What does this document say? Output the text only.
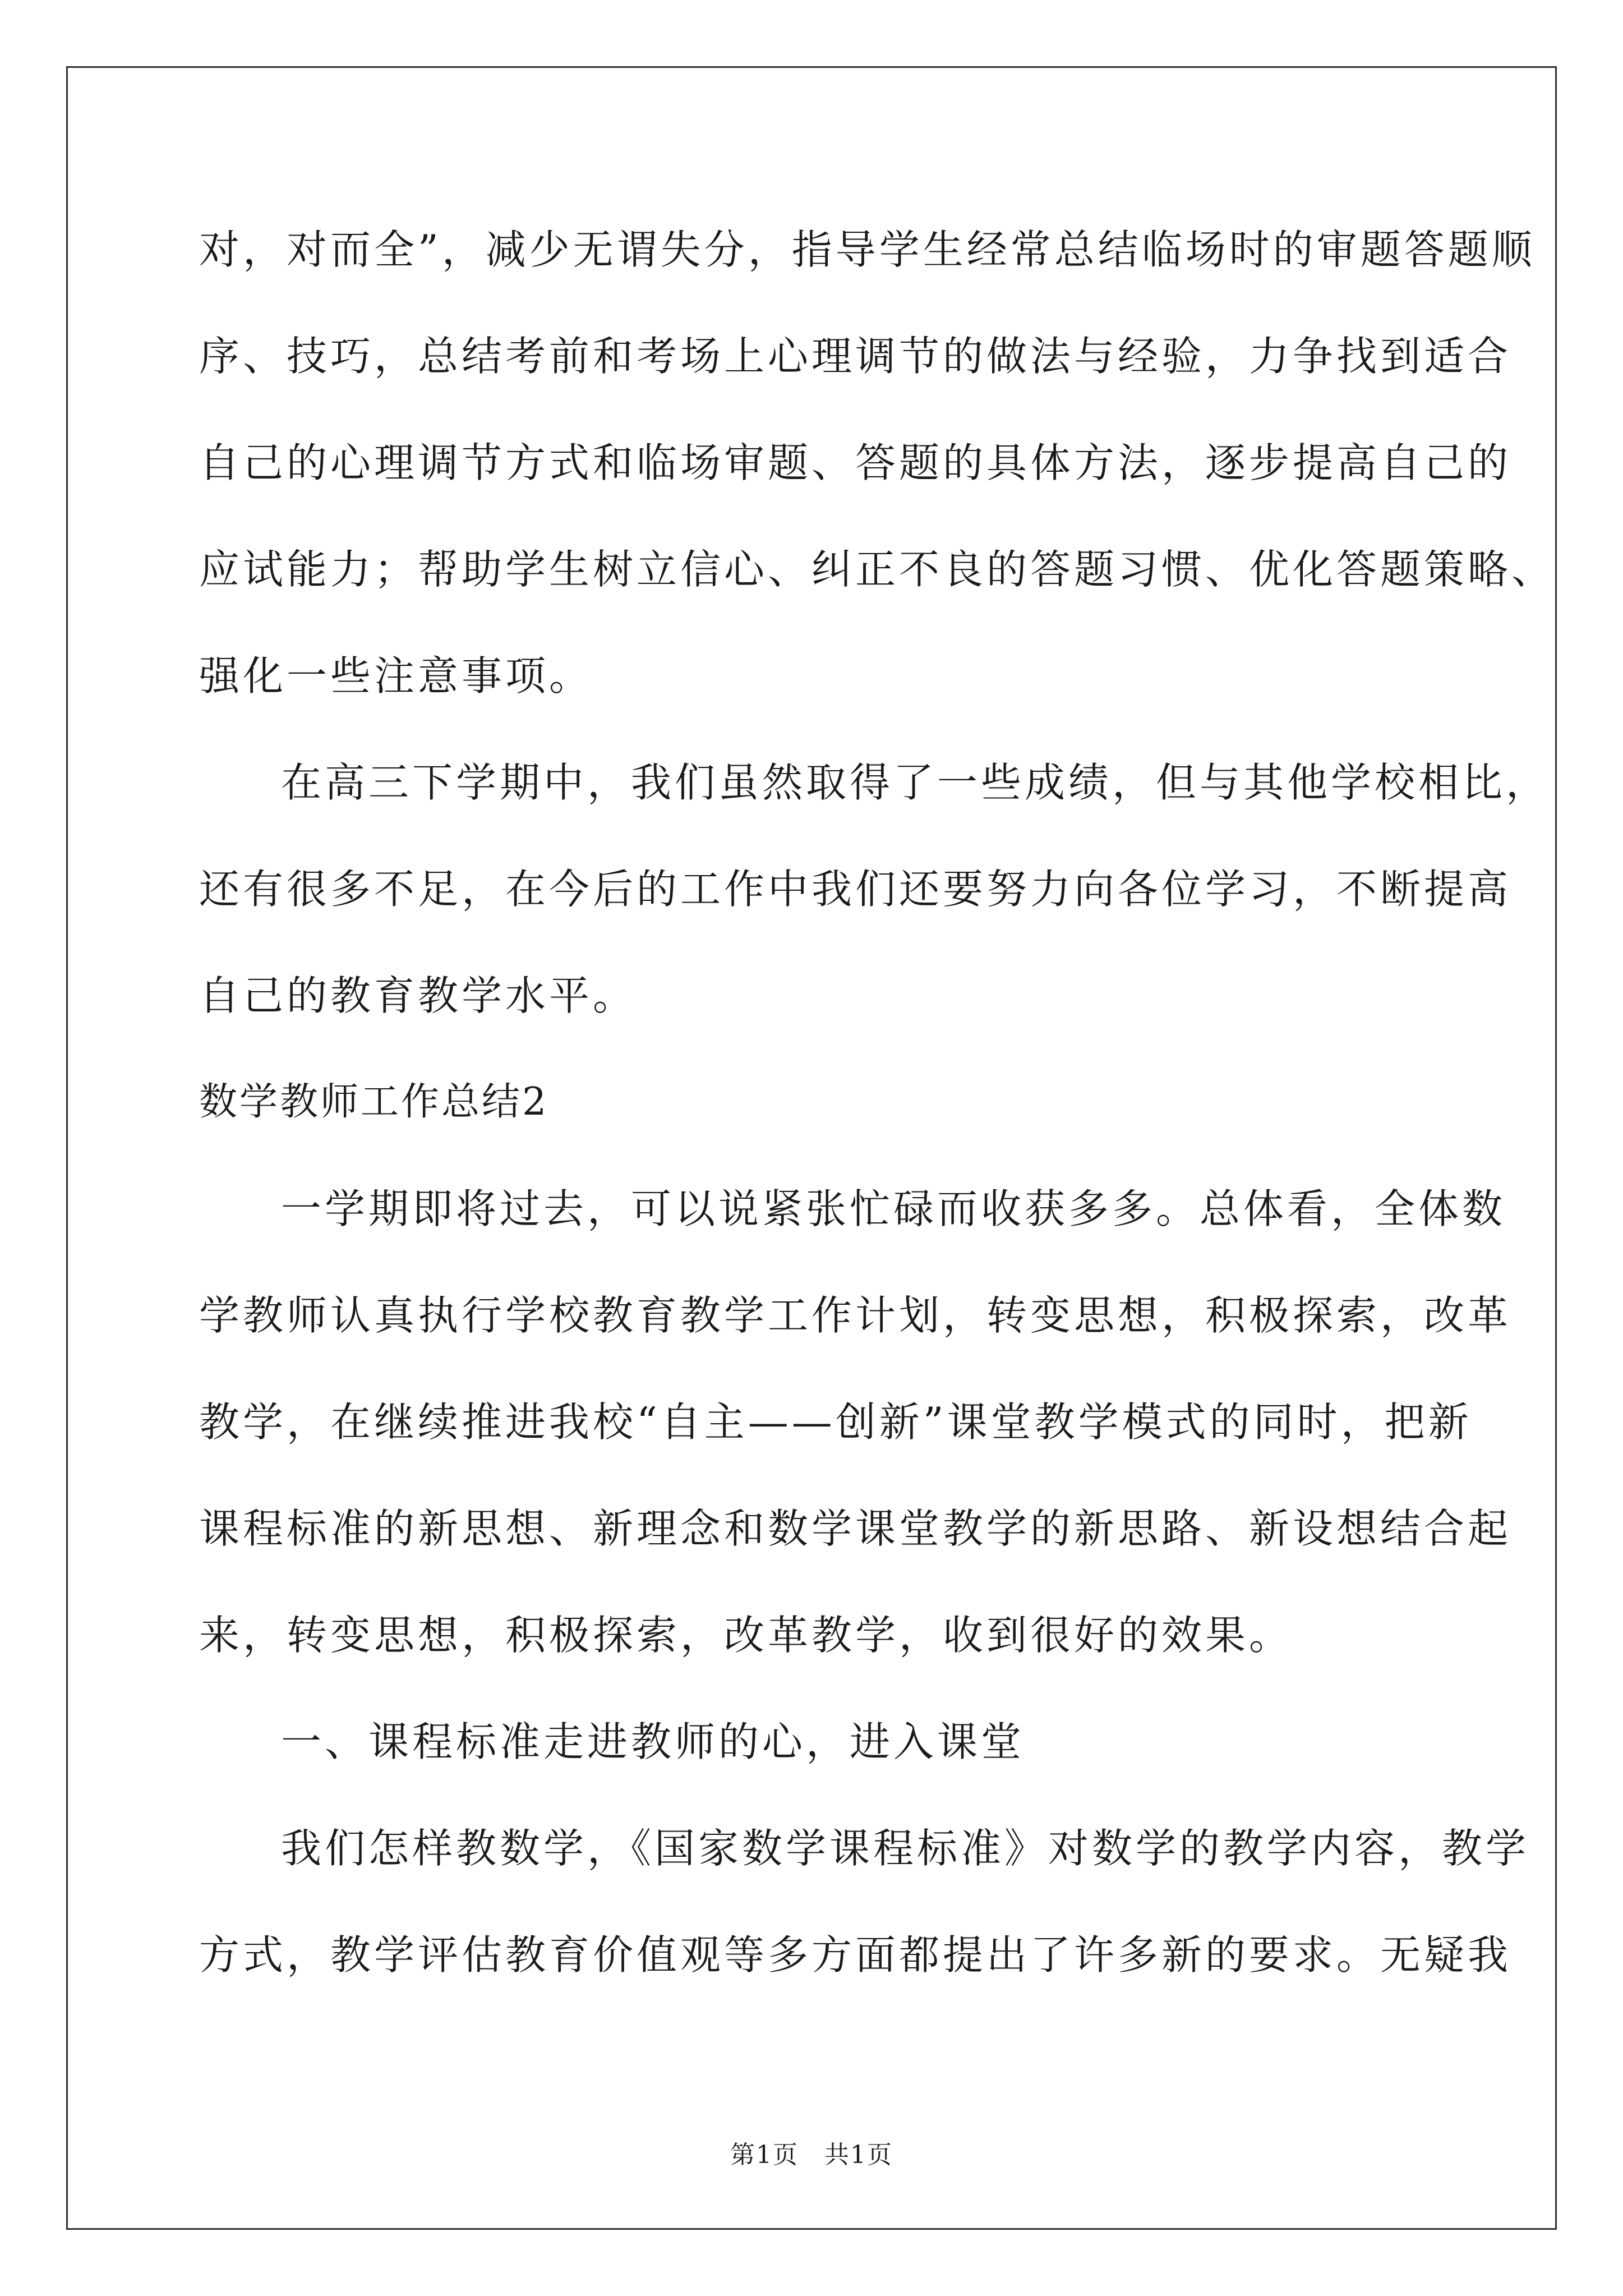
对，对而全”，减少无谓失分，指导学生经常总结临场时的审题答题顺
序、技巧，总结考前和考场上心理调节的做法与经验，力争找到适合
自己的心理调节方式和临场审题、答题的具体方法，逐步提高自己的
应试能力；帮助学生树立信心、纠正不良的答题习惯、优化答题策略、
强化一些注意事项。
在高三下学期中，我们虽然取得了一些成绩，但与其他学校相比，
还有很多不足，在今后的工作中我们还要努力向各位学习，不断提高
自己的教育教学水平。
数学教师工作总结2
一学期即将过去，可以说紧张忙碌而收获多多。总体看，全体数
学教师认真执行学校教育教学工作计划，转变思想，积极探索，改革
教学，在继续推进我校“自主——创新”课堂教学模式的同时，把新
课程标准的新思想、新理念和数学课堂教学的新思路、新设想结合起
来，转变思想，积极探索，改革教学，收到很好的效果。
一、课程标准走进教师的心，进入课堂
我们怎样教数学，《国家数学课程标准》对数学的教学内容，教学
方式，教学评估教育价值观等多方面都提出了许多新的要求。无疑我
第1页　共1页
